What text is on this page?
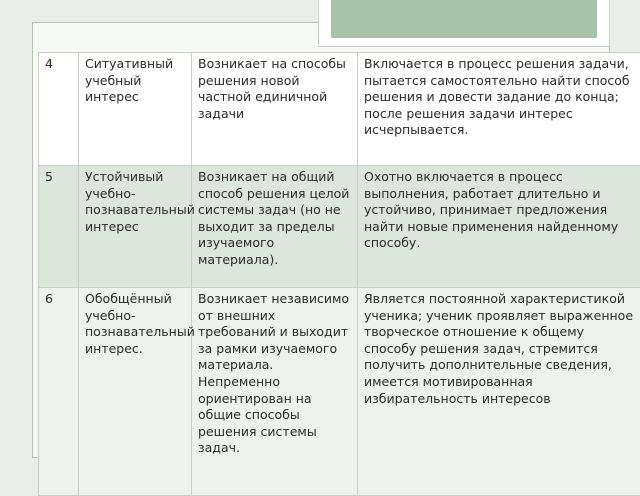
4	Ситуативный учебный интерес	Возникает на способы решения новой частной единичной задачи	Включается в процесс решения задачи, пытается самостоятельно найти способ решения и довести задание до конца; после решения задачи интерес исчерпывается.
5	Устойчивый учебно-познавательный интерес	Возникает на общий способ решения целой системы задач (но не выходит за пределы изучаемого материала).	Охотно включается в процесс выполнения, работает длительно и устойчиво, принимает предложения найти новые применения найденному способу.
6	Обобщённый учебно-познавательный интерес.	Возникает независимо от внешних требований и выходит за рамки изучаемого материала. Непременно ориентирован на общие способы решения системы задач.	Является постоянной характеристикой ученика; ученик проявляет выраженное творческое отношение к общему способу решения задач, стремится получить дополнительные сведения, имеется мотивированная избирательность интересов
